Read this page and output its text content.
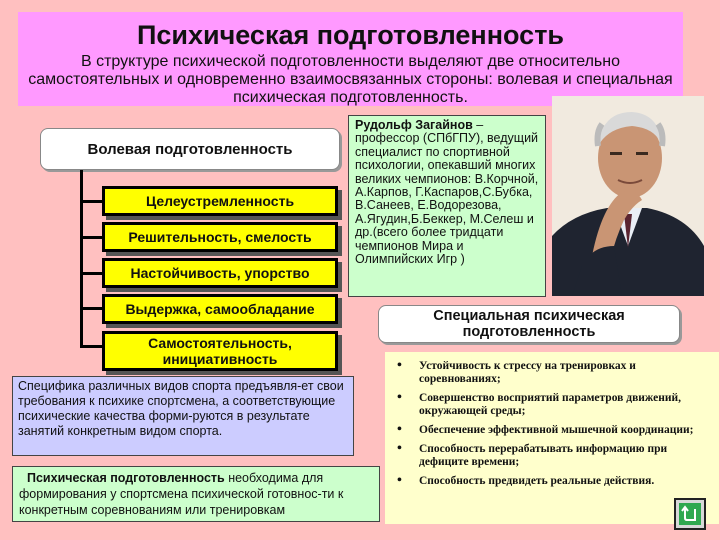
Психическая подготовленность

В структуре психической подготовленности выделяют две относительно самостоятельных и одновременно взаимосвязанных стороны: волевая и специальная психическая подготовленность.

Волевая подготовленность
Целеустремленность
Решительность, смелость
Настойчивость, упорство
Выдержка, самообладание
Самостоятельность, инициативность
Рудольф Загайнов – профессор (СПбГПУ), ведущий специалист по спортивной психологии, опекавший многих великих чемпионов: В.Корчной, А.Карпов, Г.Каспаров,С.Бубка, В.Санеев, Е.Водорезова, А.Ягудин,Б.Беккер, М.Селеш и др.(всего более тридцати чемпионов Мира и Олимпийских Игр )
Специальная психическая подготовленность
• Устойчивость к стрессу на тренировках и соревнованиях;
• Совершенство восприятий параметров движений, окружающей среды;
• Обеспечение эффективной мышечной координации;
• Способность перерабатывать информацию при дефиците времени;
• Способность предвидеть реальные действия.
Специфика различных видов спорта предъявля-ет свои требования к психике спортсмена, а соответствующие психические качества форми-руются в результате занятий конкретным видом спорта.
Психическая подготовленность необходима для формирования у спортсмена психической готовнос-ти к конкретным соревнованиям или тренировкам
